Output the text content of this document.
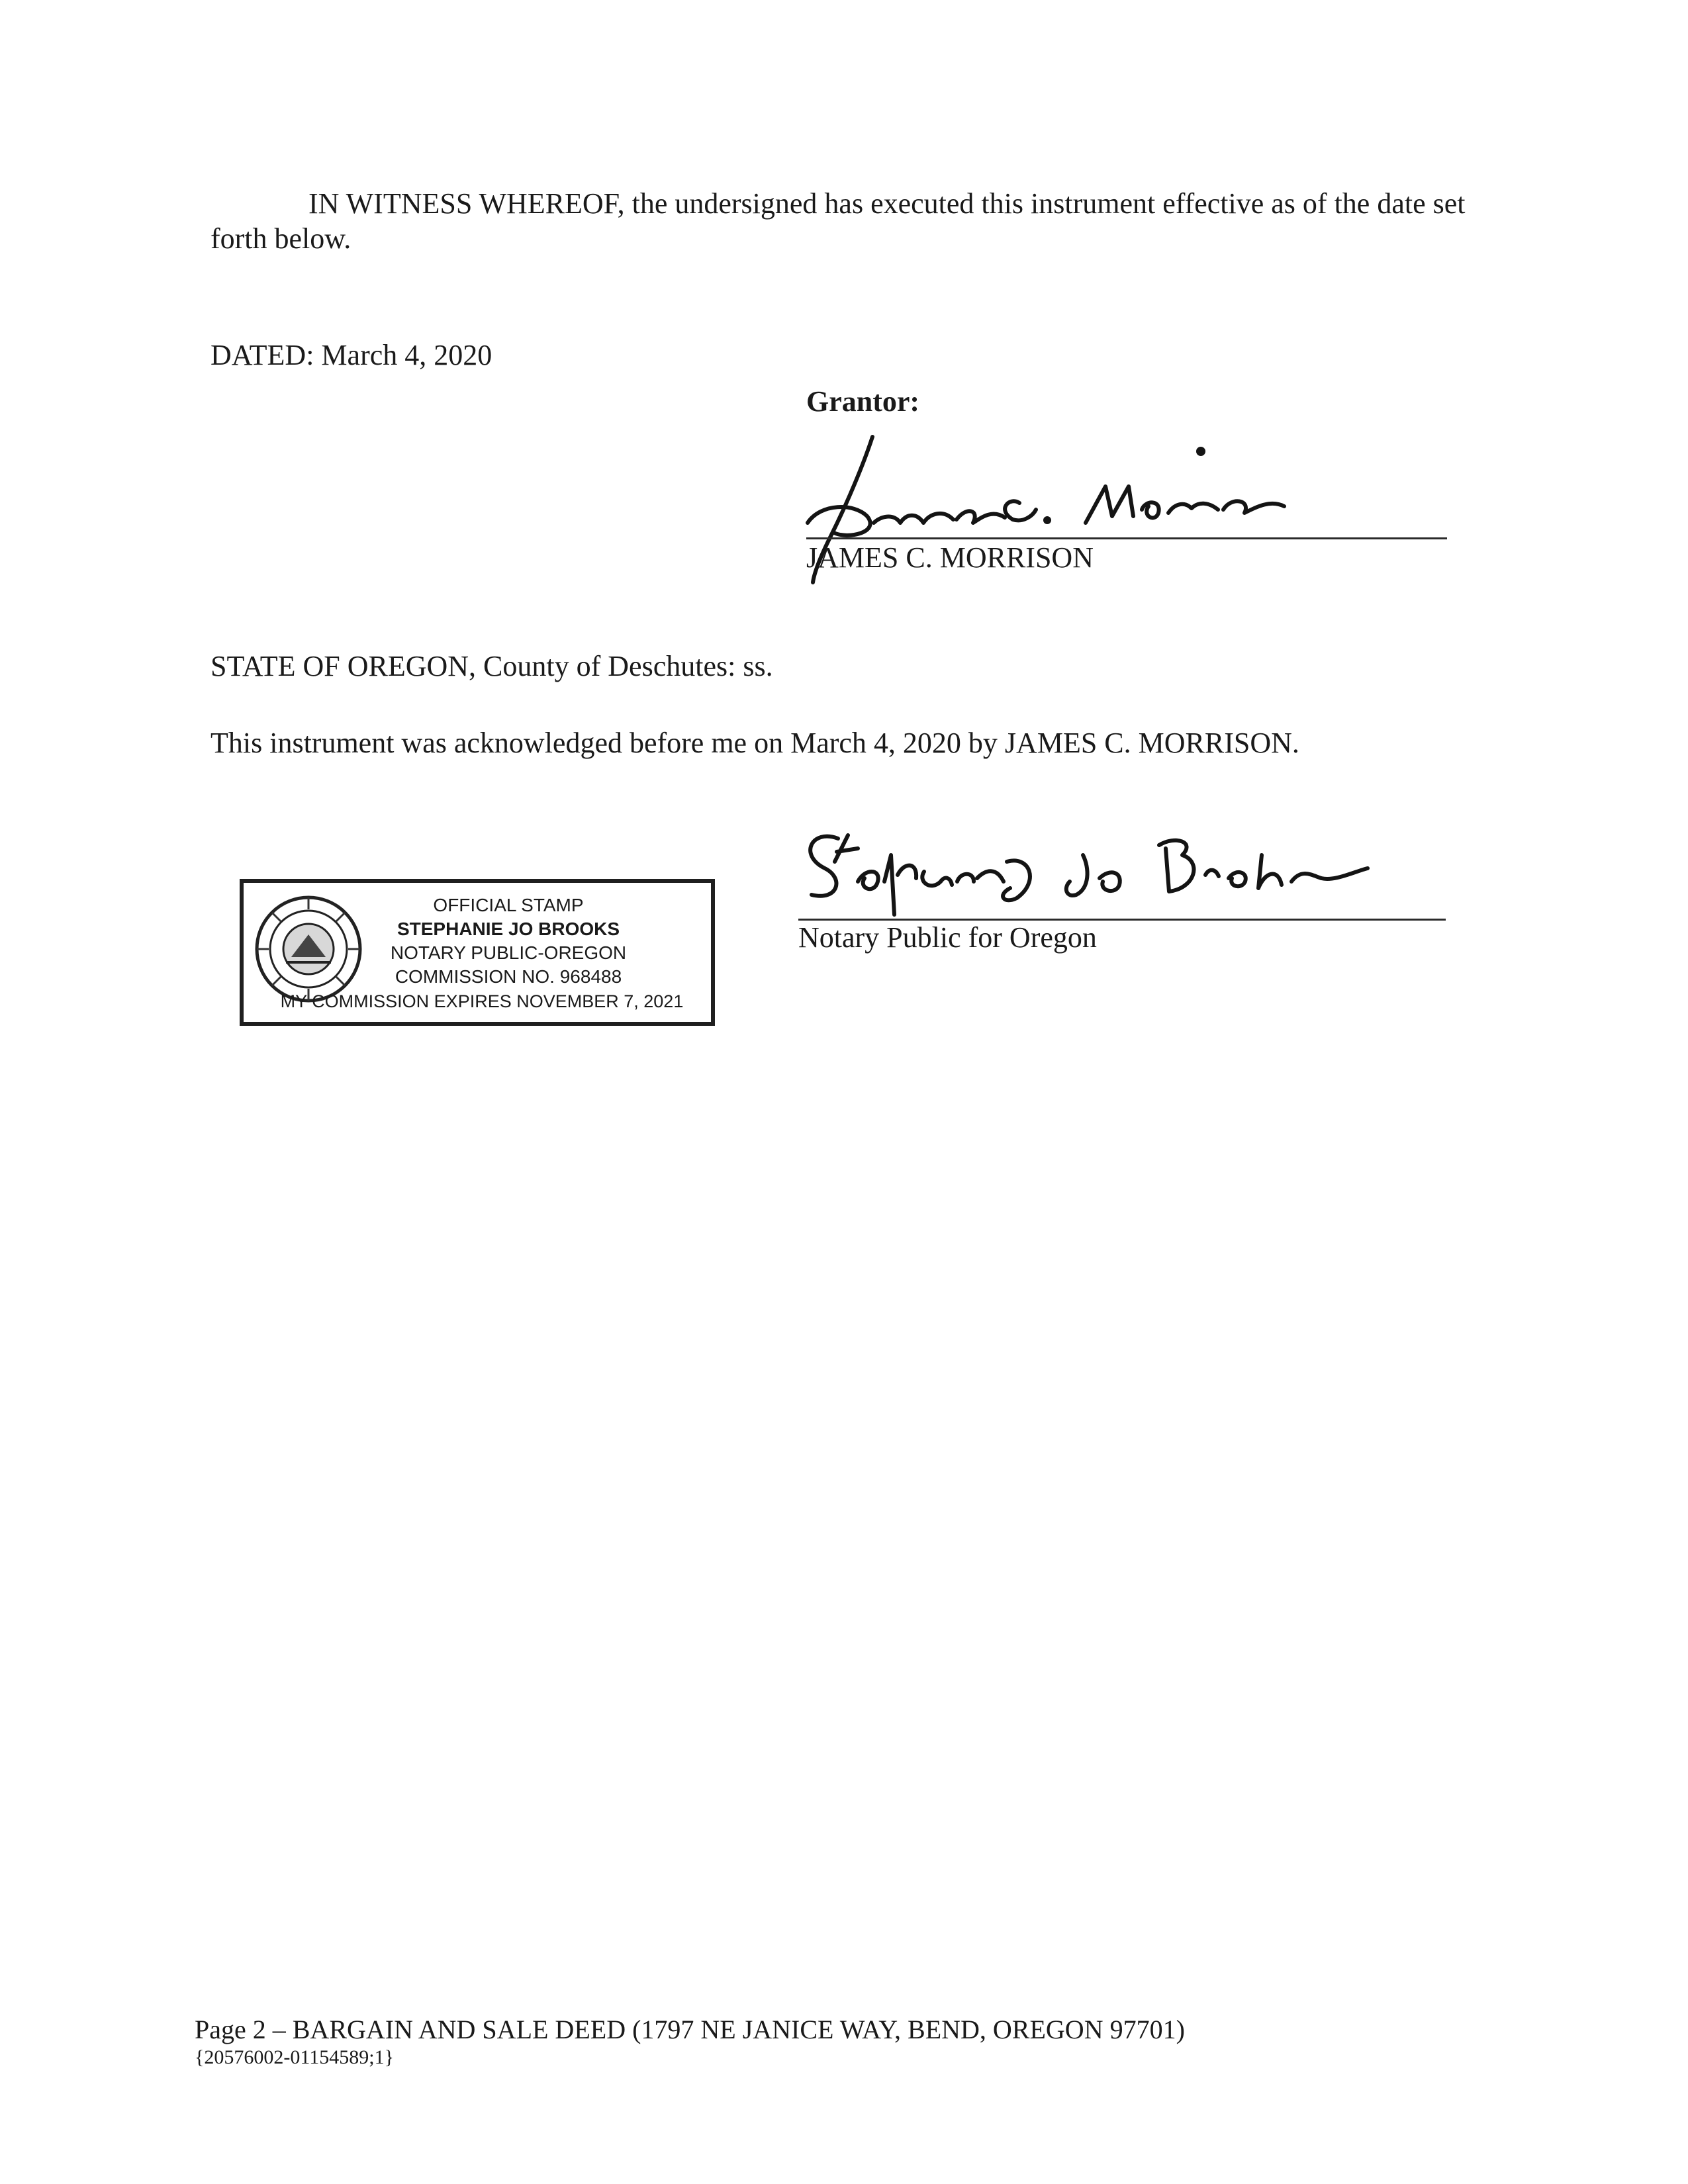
IN WITNESS WHEREOF, the undersigned has executed this instrument effective as of the date set forth below.
DATED: March 4, 2020
Grantor:
JAMES C. MORRISON
STATE OF OREGON, County of Deschutes: ss.
This instrument was acknowledged before me on March 4, 2020 by JAMES C. MORRISON.
OFFICIAL STAMP
STEPHANIE JO BROOKS
NOTARY PUBLIC-OREGON
COMMISSION NO. 968488
MY COMMISSION EXPIRES NOVEMBER 7, 2021
Notary Public for Oregon
Page 2 – BARGAIN AND SALE DEED (1797 NE JANICE WAY, BEND, OREGON 97701)
{20576002-01154589;1}
